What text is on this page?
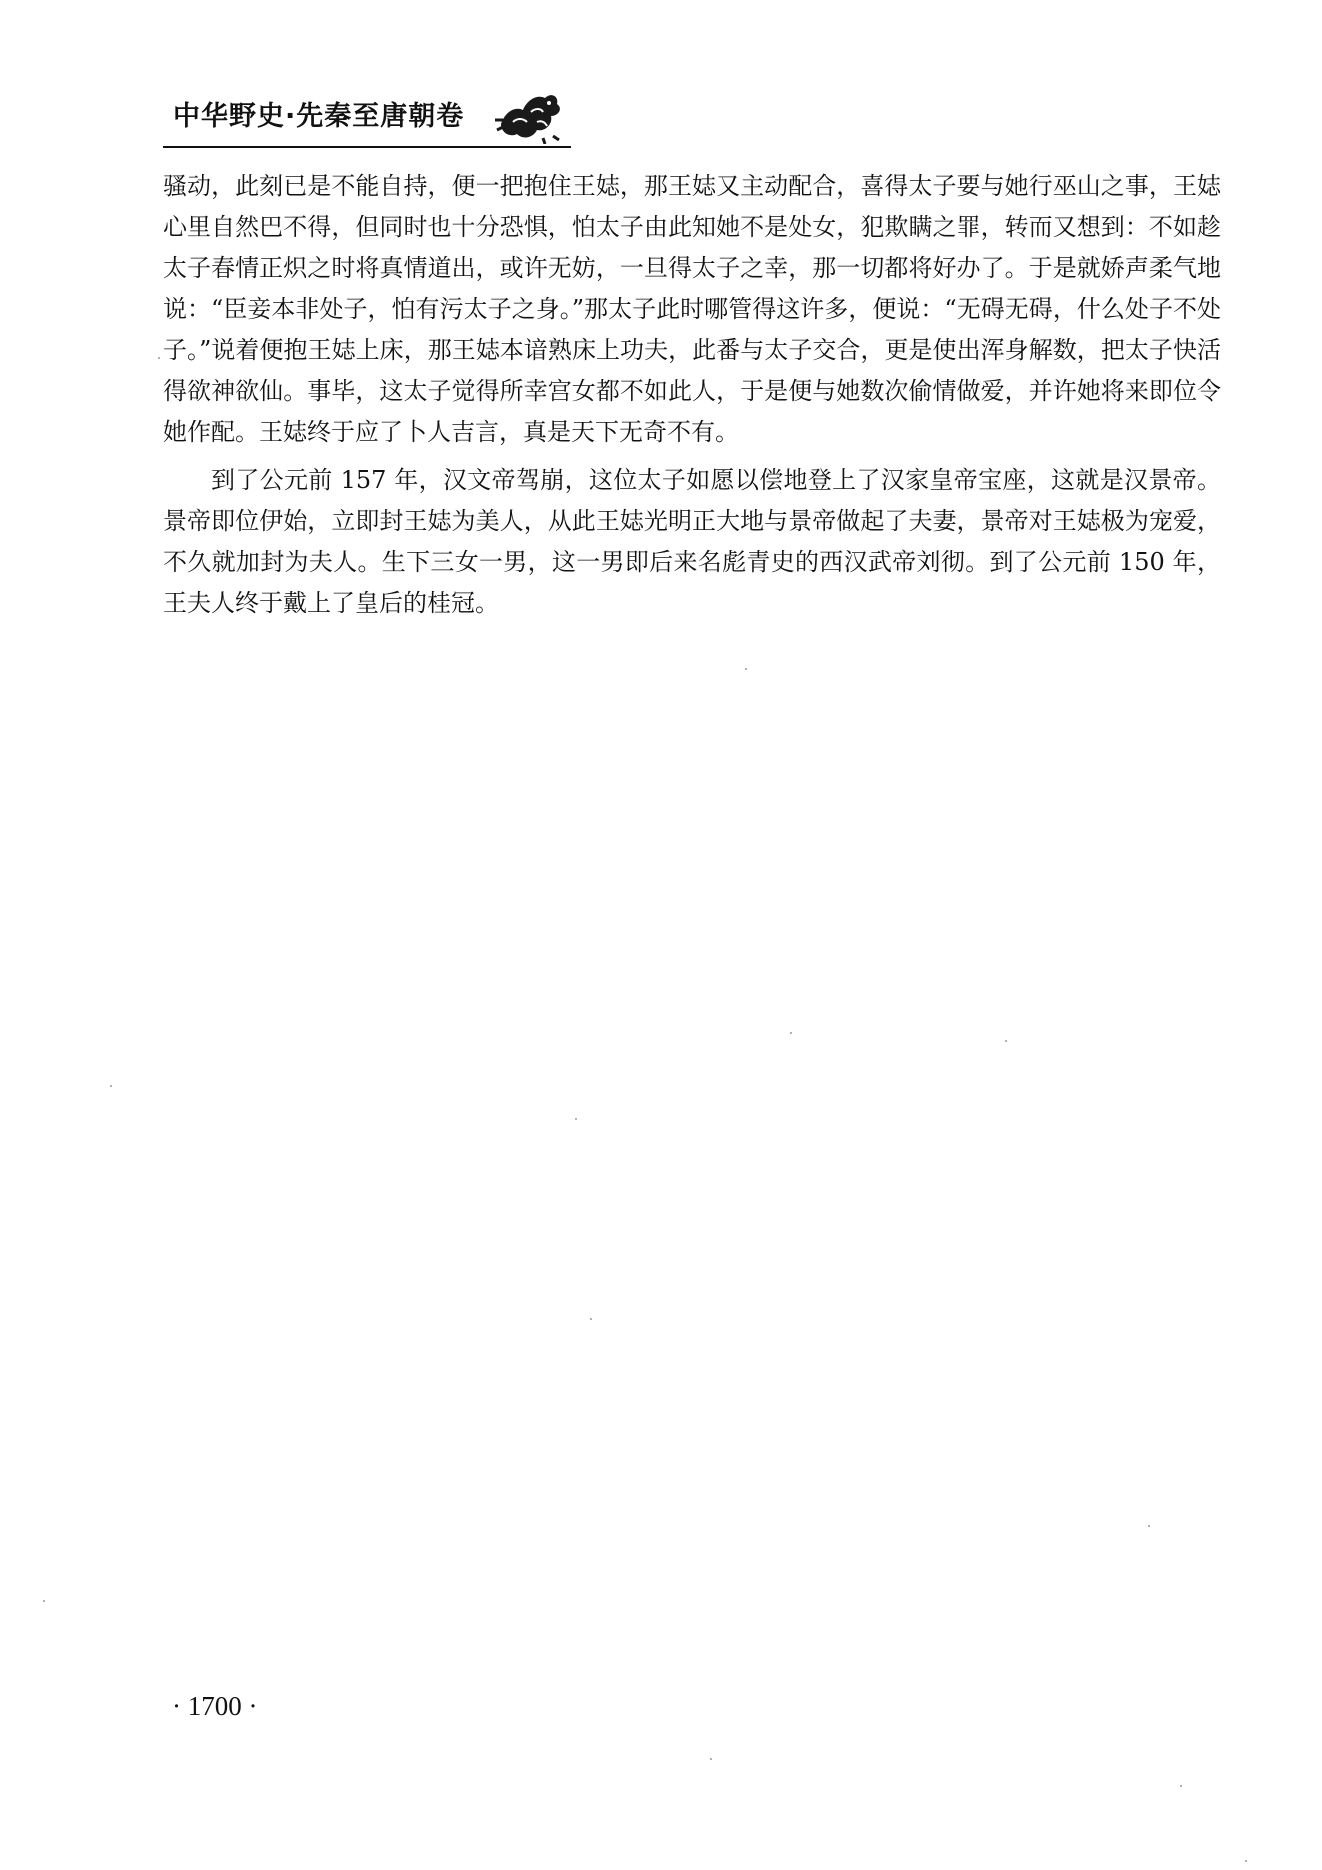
中华野史·先秦至唐朝卷

骚动，此刻已是不能自持，便一把抱住王娡，那王娡又主动配合，喜得太子要与她行巫山之事，王娡心里自然巴不得，但同时也十分恐惧，怕太子由此知她不是处女，犯欺瞒之罪，转而又想到：不如趁太子春情正炽之时将真情道出，或许无妨，一旦得太子之幸，那一切都将好办了。于是就娇声柔气地说：“臣妾本非处子，怕有污太子之身。”那太子此时哪管得这许多，便说：“无碍无碍，什么处子不处子。”说着便抱王娡上床，那王娡本谙熟床上功夫，此番与太子交合，更是使出浑身解数，把太子快活得欲神欲仙。事毕，这太子觉得所幸宫女都不如此人，于是便与她数次偷情做爱，并许她将来即位令她作配。王娡终于应了卜人吉言，真是天下无奇不有。

到了公元前 157 年，汉文帝驾崩，这位太子如愿以偿地登上了汉家皇帝宝座，这就是汉景帝。景帝即位伊始，立即封王娡为美人，从此王娡光明正大地与景帝做起了夫妻，景帝对王娡极为宠爱，不久就加封为夫人。生下三女一男，这一男即后来名彪青史的西汉武帝刘彻。到了公元前 150 年，王夫人终于戴上了皇后的桂冠。

· 1700 ·
